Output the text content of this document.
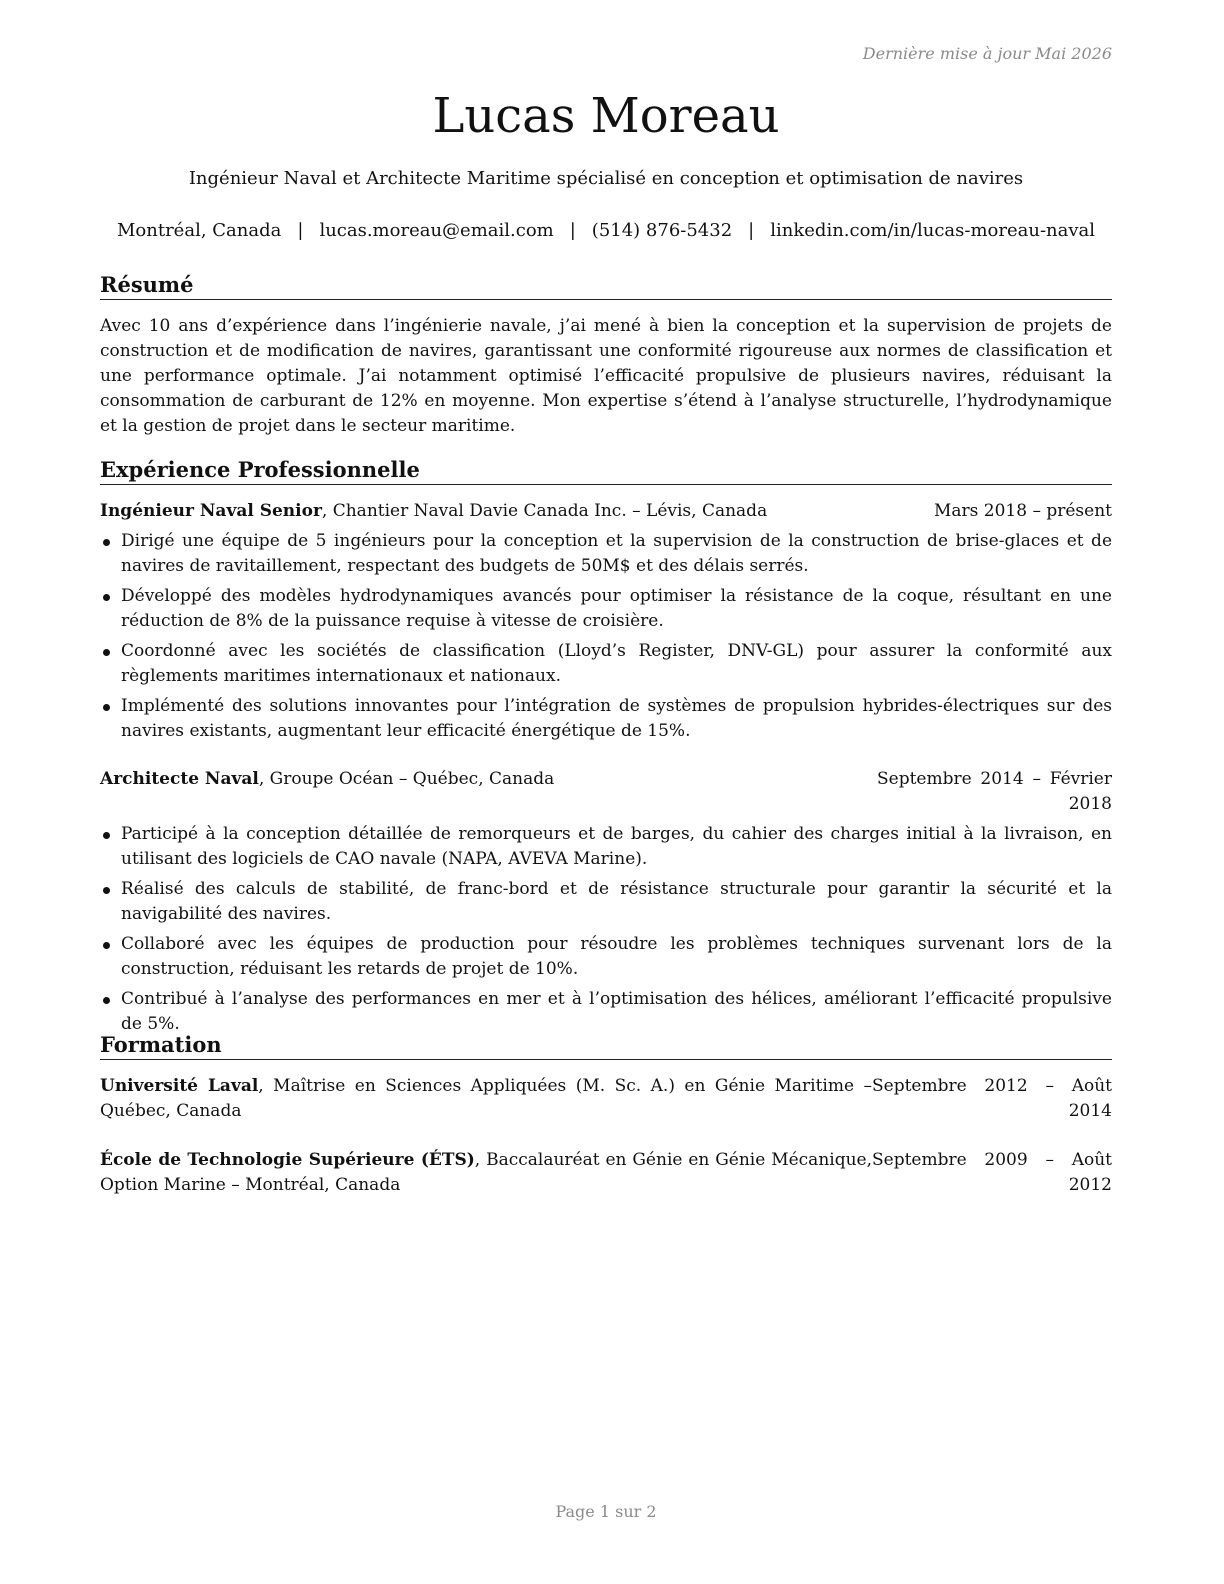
Dernière mise à jour Mai 2026
Lucas Moreau
Ingénieur Naval et Architecte Maritime spécialisé en conception et optimisation de navires
Montréal, Canada | lucas.moreau@email.com | (514) 876-5432 | linkedin.com/in/lucas-moreau-naval
Résumé

Avec 10 ans d’expérience dans l’ingénierie navale, j’ai mené à bien la conception et la supervision de projets de construction et de modification de navires, garantissant une conformité rigoureuse aux normes de classification et une performance optimale. J’ai notamment optimisé l’efficacité propulsive de plusieurs navires, réduisant la consommation de carburant de 12% en moyenne. Mon expertise s’étend à l’analyse structurelle, l’hydrodynamique et la gestion de projet dans le secteur maritime.

Expérience Professionnelle
Ingénieur Naval Senior, Chantier Naval Davie Canada Inc. – Lévis, Canada	Mars 2018 – présent
Dirigé une équipe de 5 ingénieurs pour la conception et la supervision de la construction de brise-glaces et de navires de ravitaillement, respectant des budgets de 50M$ et des délais serrés.
Développé des modèles hydrodynamiques avancés pour optimiser la résistance de la coque, résultant en une réduction de 8% de la puissance requise à vitesse de croisière.
Coordonné avec les sociétés de classification (Lloyd’s Register, DNV-GL) pour assurer la conformité aux règlements maritimes internationaux et nationaux.
Implémenté des solutions innovantes pour l’intégration de systèmes de propulsion hybrides-électriques sur des navires existants, augmentant leur efficacité énergétique de 15%.
Architecte Naval, Groupe Océan – Québec, Canada	Septembre 2014 – Février 2018
Participé à la conception détaillée de remorqueurs et de barges, du cahier des charges initial à la livraison, en utilisant des logiciels de CAO navale (NAPA, AVEVA Marine).
Réalisé des calculs de stabilité, de franc-bord et de résistance structurale pour garantir la sécurité et la navigabilité des navires.
Collaboré avec les équipes de production pour résoudre les problèmes techniques survenant lors de la construction, réduisant les retards de projet de 10%.
Contribué à l’analyse des performances en mer et à l’optimisation des hélices, améliorant l’efficacité propulsive de 5%.
Formation
Université Laval, Maîtrise en Sciences Appliquées (M. Sc. A.) en Génie Maritime – Québec, Canada
Septembre 2012 – Août 2014
École de Technologie Supérieure (ÉTS), Baccalauréat en Génie en Génie Mécanique, Option Marine – Montréal, Canada
Septembre 2009 – Août 2012
Page 1 sur 2
